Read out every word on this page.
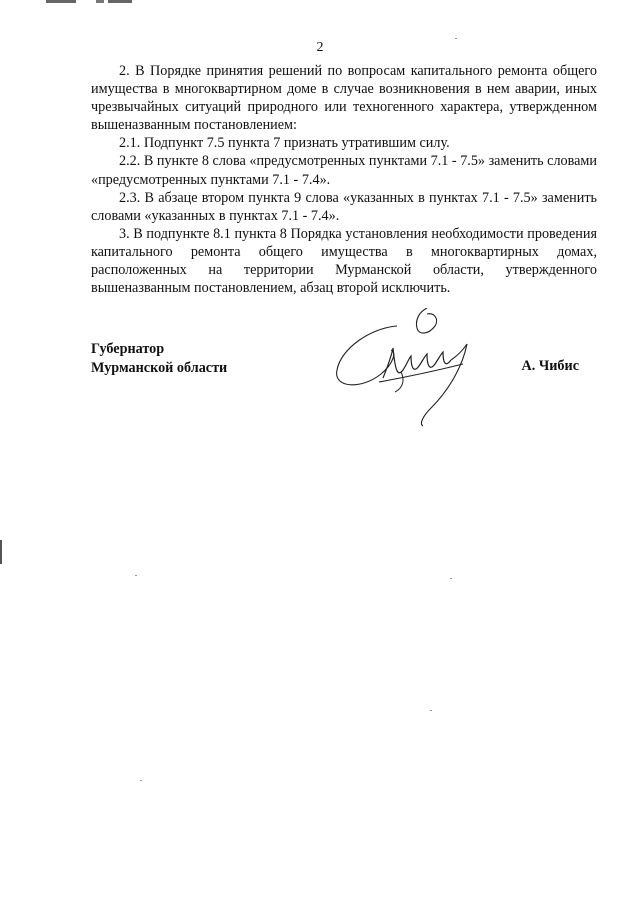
2

2. В Порядке принятия решений по вопросам капитального ремонта общего имущества в многоквартирном доме в случае возникновения в нем аварии, иных чрезвычайных ситуаций природного или техногенного характера, утвержденном вышеназванным постановлением:

2.1. Подпункт 7.5 пункта 7 признать утратившим силу.

2.2. В пункте 8 слова «предусмотренных пунктами 7.1 - 7.5» заменить словами «предусмотренных пунктами 7.1 - 7.4».

2.3. В абзаце втором пункта 9 слова «указанных в пунктах 7.1 - 7.5» заменить словами «указанных в пунктах 7.1 - 7.4».

3. В подпункте 8.1 пункта 8 Порядка установления необходимости проведения капитального ремонта общего имущества в многоквартирных домах, расположенных на территории Мурманской области, утвержденного вышеназванным постановлением, абзац второй исключить.

Губернатор
Мурманской области	А. Чибис
